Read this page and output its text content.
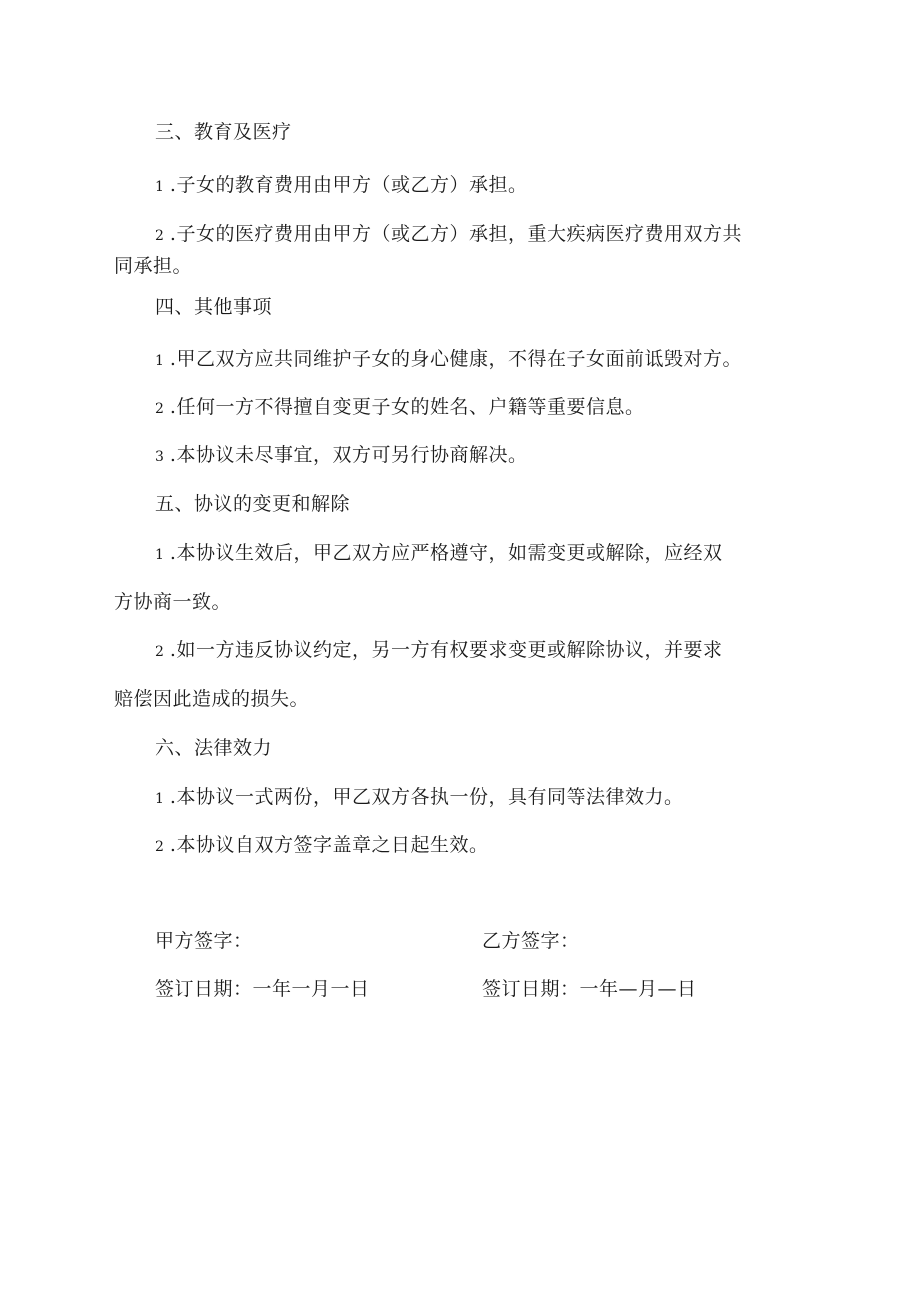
三、教育及医疗
1 .子女的教育费用由甲方（或乙方）承担。
2 .子女的医疗费用由甲方（或乙方）承担，重大疾病医疗费用双方共
同承担。
四、其他事项
1 .甲乙双方应共同维护子女的身心健康，不得在子女面前诋毁对方。
2 .任何一方不得擅自变更子女的姓名、户籍等重要信息。
3 .本协议未尽事宜，双方可另行协商解决。
五、协议的变更和解除
1 .本协议生效后，甲乙双方应严格遵守，如需变更或解除，应经双
方协商一致。
2 .如一方违反协议约定，另一方有权要求变更或解除协议，并要求
赔偿因此造成的损失。
六、法律效力
1 .本协议一式两份，甲乙双方各执一份，具有同等法律效力。
2 .本协议自双方签字盖章之日起生效。
甲方签字：	乙方签字：
签订日期：一年一月一日	签订日期：一年—月—日
